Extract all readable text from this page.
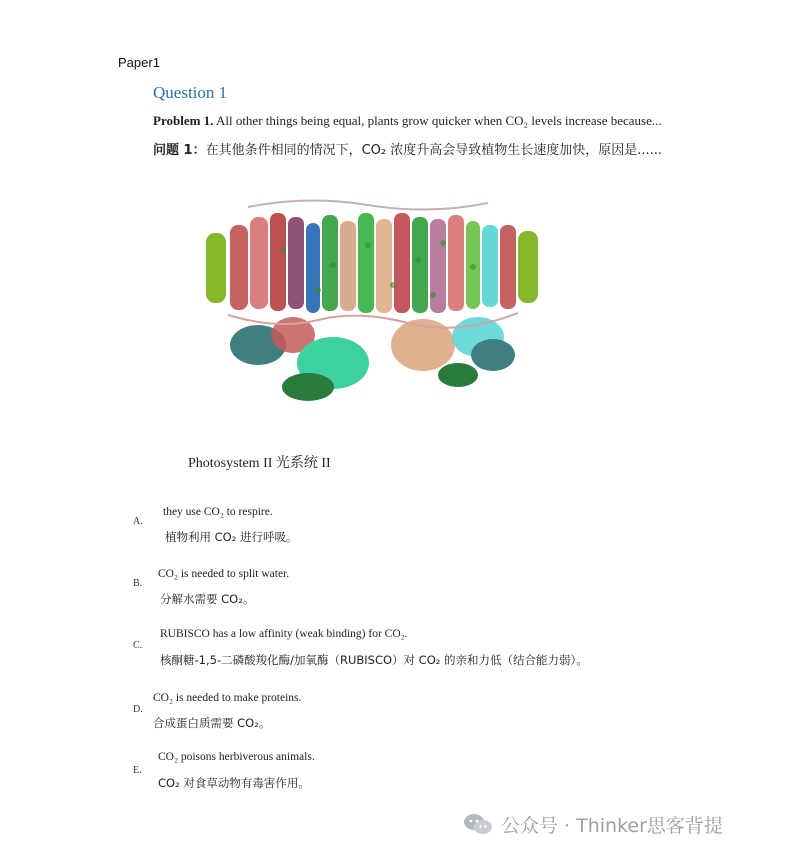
Paper1
Question 1
Problem 1. All other things being equal, plants grow quicker when CO₂ levels increase because...
问题 1：在其他条件相同的情况下，CO₂ 浓度升高会导致植物生长速度加快，原因是......
Photosystem II 光系统 II
A.
they use CO₂ to respire.
植物利用 CO₂ 进行呼吸。
B.
CO₂ is needed to split water.
分解水需要 CO₂。
C.
RUBISCO has a low affinity (weak binding) for CO₂.
核酮糖-1,5-二磷酸羧化酶/加氧酶（RUBISCO）对 CO₂ 的亲和力低（结合能力弱）。
D.
CO₂ is needed to make proteins.
合成蛋白质需要 CO₂。
E.
CO₂ poisons herbiverous animals.
CO₂ 对食草动物有毒害作用。
公众号 · Thinker思客背提
